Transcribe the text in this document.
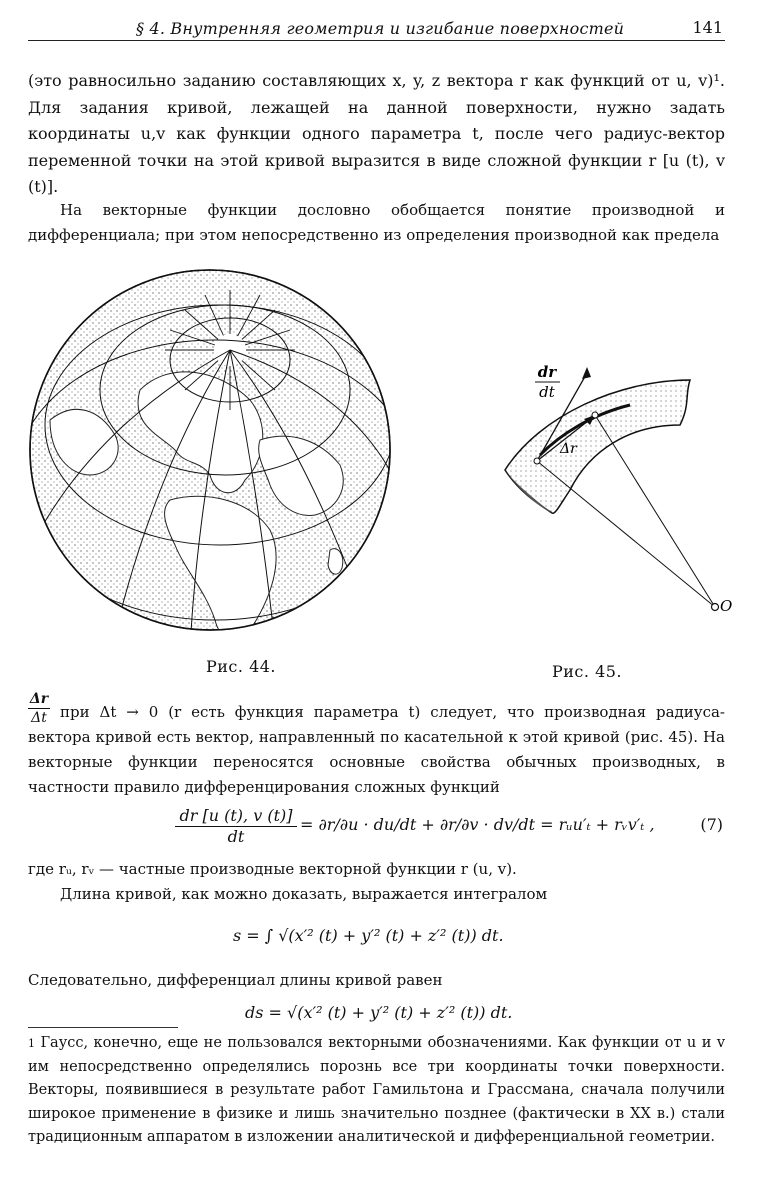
§ 4. Внутренняя геометрия и изгибание поверхностей	141
(это равносильно заданию составляющих x, y, z вектора r как функций от u, v)¹. Для задания кривой, лежащей на данной поверхности, нужно задать координаты u,v как функции одного параметра t, после чего радиус-вектор переменной точки на этой кривой выразится в виде сложной функции r [u (t), v (t)].
На векторные функции дословно обобщается понятие производной и дифференциала; при этом непосредственно из определения производной как предела
Рис. 44.
dr
dt
Δr
O
Рис. 45.
$\frac{\Delta r}{\Delta t}$ при Δt → 0 (r есть функция параметра t) следует, что производная радиуса-вектора кривой есть вектор, направленный по касательной к этой кривой (рис. 45). На векторные функции переносятся основные свойства обычных производных, в частности правило дифференцирования сложных функций
$\frac{dr [u (t), v (t)]}{dt} = \partial r/\partial u \cdot du/dt + \partial r/\partial v \cdot dv/dt$ = rᵤu′ₜ + rᵥv′ₜ ,	(7)
где rᵤ, rᵥ — частные производные векторной функции r (u, v).
Длина кривой, как можно доказать, выражается интегралом
s = ∫ √(x′² (t) + y′² (t) + z′² (t)) dt.
Следовательно, дифференциал длины кривой равен
ds = √(x′² (t) + y′² (t) + z′² (t)) dt.
$^1$ Гаусс, конечно, еще не пользовался векторными обозначениями. Как функции от u и v им непосредственно определялись порознь все три координаты точки поверхности. Векторы, появившиеся в результате работ Гамильтона и Грассмана, сначала получили широкое применение в физике и лишь значительно позднее (фактически в XX в.) стали традиционным аппаратом в изложении аналитической и дифференциальной геометрии.
